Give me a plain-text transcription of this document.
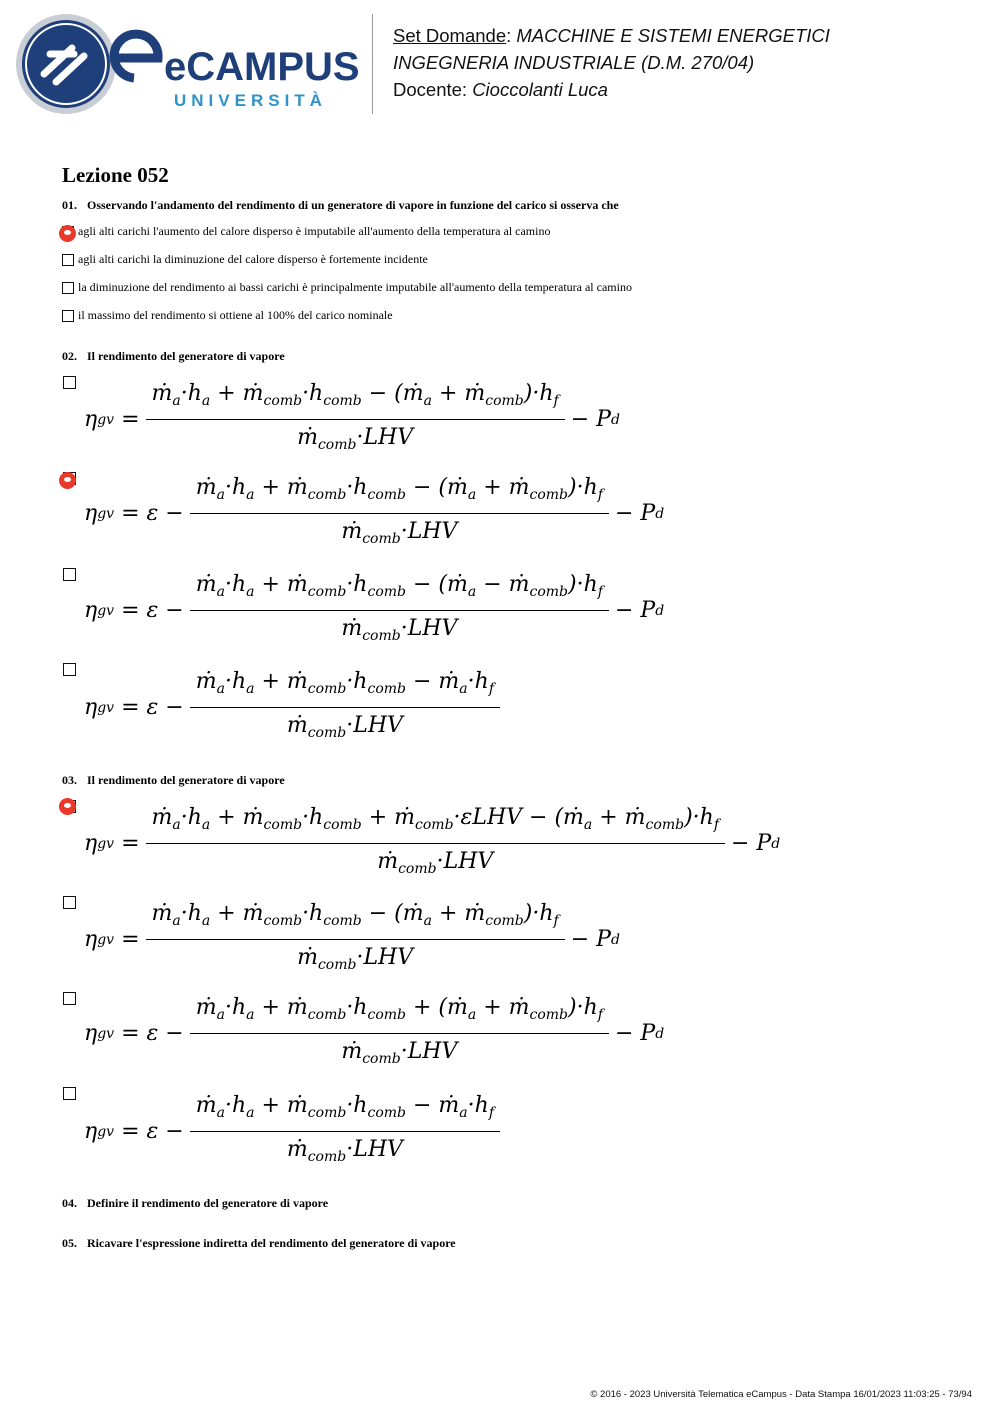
eCAMPUS
UNIVERSITÀ
Set Domande: MACCHINE E SISTEMI ENERGETICI
INGEGNERIA INDUSTRIALE (D.M. 270/04)
Docente: Cioccolanti Luca
Lezione 052
01. Osservando l'andamento del rendimento di un generatore di vapore in funzione del carico si osserva che
agli alti carichi l'aumento del calore disperso è imputabile all'aumento della temperatura al camino
agli alti carichi la diminuzione del calore disperso è fortemente incidente
la diminuzione del rendimento ai bassi carichi è principalmente imputabile all'aumento della temperatura al camino
il massimo del rendimento si ottiene al 100% del carico nominale
02. Il rendimento del generatore di vapore
η gv
= $\frac{ṁ_a\cdot h_a + ṁ_{comb}\cdot h_{comb} - (ṁ_a + ṁ_{comb})\cdot h_f}{ṁ_{comb}\cdot LHV} - P$ d
η gv
= $\varepsilon - \frac{ṁ_a\cdot h_a + ṁ_{comb}\cdot h_{comb} - (ṁ_a + ṁ_{comb})\cdot h_f}{ṁ_{comb}\cdot LHV} - P$ d
η gv
= $\varepsilon - \frac{ṁ_a\cdot h_a + ṁ_{comb}\cdot h_{comb} - (ṁ_a - ṁ_{comb})\cdot h_f}{ṁ_{comb}\cdot LHV} - P$ d
η gv
= $\varepsilon - \frac{ṁ_a\cdot h_a + ṁ_{comb}\cdot h_{comb} - ṁ_a\cdot h_f}{ṁ_{comb}\cdot LHV}$
03. Il rendimento del generatore di vapore
η gv
= $\frac{ṁ_a\cdot h_a + ṁ_{comb}\cdot h_{comb} + ṁ_{comb}\cdot\varepsilon LHV - (ṁ_a + ṁ_{comb})\cdot h_f}{ṁ_{comb}\cdot LHV} - P$ d
η gv
= $\frac{ṁ_a\cdot h_a + ṁ_{comb}\cdot h_{comb} - (ṁ_a + ṁ_{comb})\cdot h_f}{ṁ_{comb}\cdot LHV} - P$ d
η gv
= $\varepsilon - \frac{ṁ_a\cdot h_a + ṁ_{comb}\cdot h_{comb} + (ṁ_a + ṁ_{comb})\cdot h_f}{ṁ_{comb}\cdot LHV} - P$ d
η gv
= $\varepsilon - \frac{ṁ_a\cdot h_a + ṁ_{comb}\cdot h_{comb} - ṁ_a\cdot h_f}{ṁ_{comb}\cdot LHV}$
04. Definire il rendimento del generatore di vapore
05. Ricavare l'espressione indiretta del rendimento del generatore di vapore
© 2016 - 2023 Università Telematica eCampus - Data Stampa 16/01/2023 11:03:25 - 73/94
